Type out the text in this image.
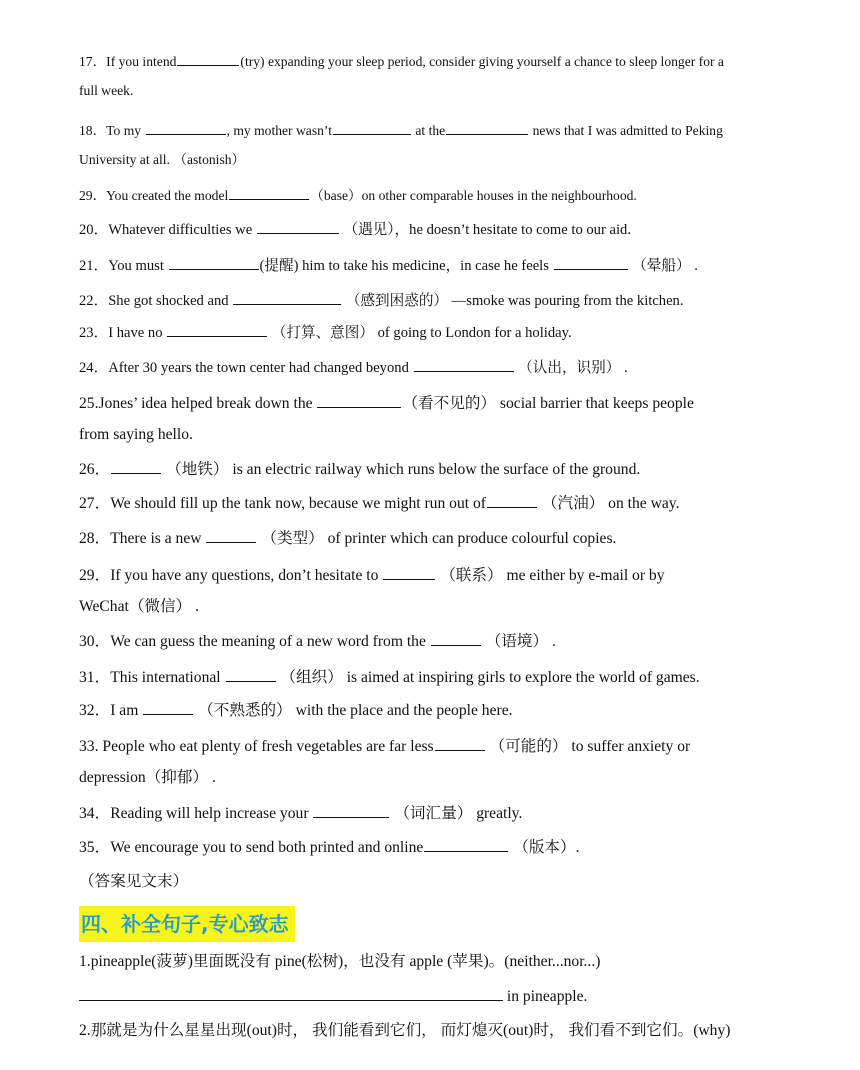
17．If you intend	(try) expanding your sleep period, consider giving yourself a chance to sleep longer for a
full week.
18．To my	, my mother wasn’t	at the	news that I was admitted to Peking
University at all. （astonish）
29．You created the model	（base）on other comparable houses in the neighbourhood.
20．Whatever difficulties we	（遇见），he doesn’t hesitate to come to our aid.
21．You must	(提醒) him to take his medicine，in case he feels	（晕船） .
22．She got shocked and	（感到困惑的） —smoke was pouring from the kitchen.
23．I have no	（打算、意图） of going to London for a holiday.
24．After 30 years the town center had changed beyond	（认出，识别） .
25.Jones’ idea helped break down the	（看不见的） social barrier that keeps people
from saying hello.
26．	（地铁） is an electric railway which runs below the surface of the ground.
27．We should fill up the tank now, because we might run out of	（汽油） on the way.
28．There is a new	（类型） of printer which can produce colourful copies.
29．If you have any questions, don’t hesitate to	（联系） me either by e-mail or by
WeChat（微信） .
30．We can guess the meaning of a new word from the	（语境） .
31．This international	（组织） is aimed at inspiring girls to explore the world of games.
32．I am	（不熟悉的） with the place and the people here.
33. People who eat plenty of fresh vegetables are far less	（可能的） to suffer anxiety or
depression（抑郁） .
34．Reading will help increase your	（词汇量） greatly.
35．We encourage you to send both printed and online	（版本）.
（答案见文末）
四、补全句子,专心致志
1.pineapple(菠萝)里面既没有 pine(松树)，也没有 apple (苹果)。(neither...nor...)
in pineapple.
2.那就是为什么星星出现(out)时， 我们能看到它们， 而灯熄灭(out)时， 我们看不到它们。(why)
